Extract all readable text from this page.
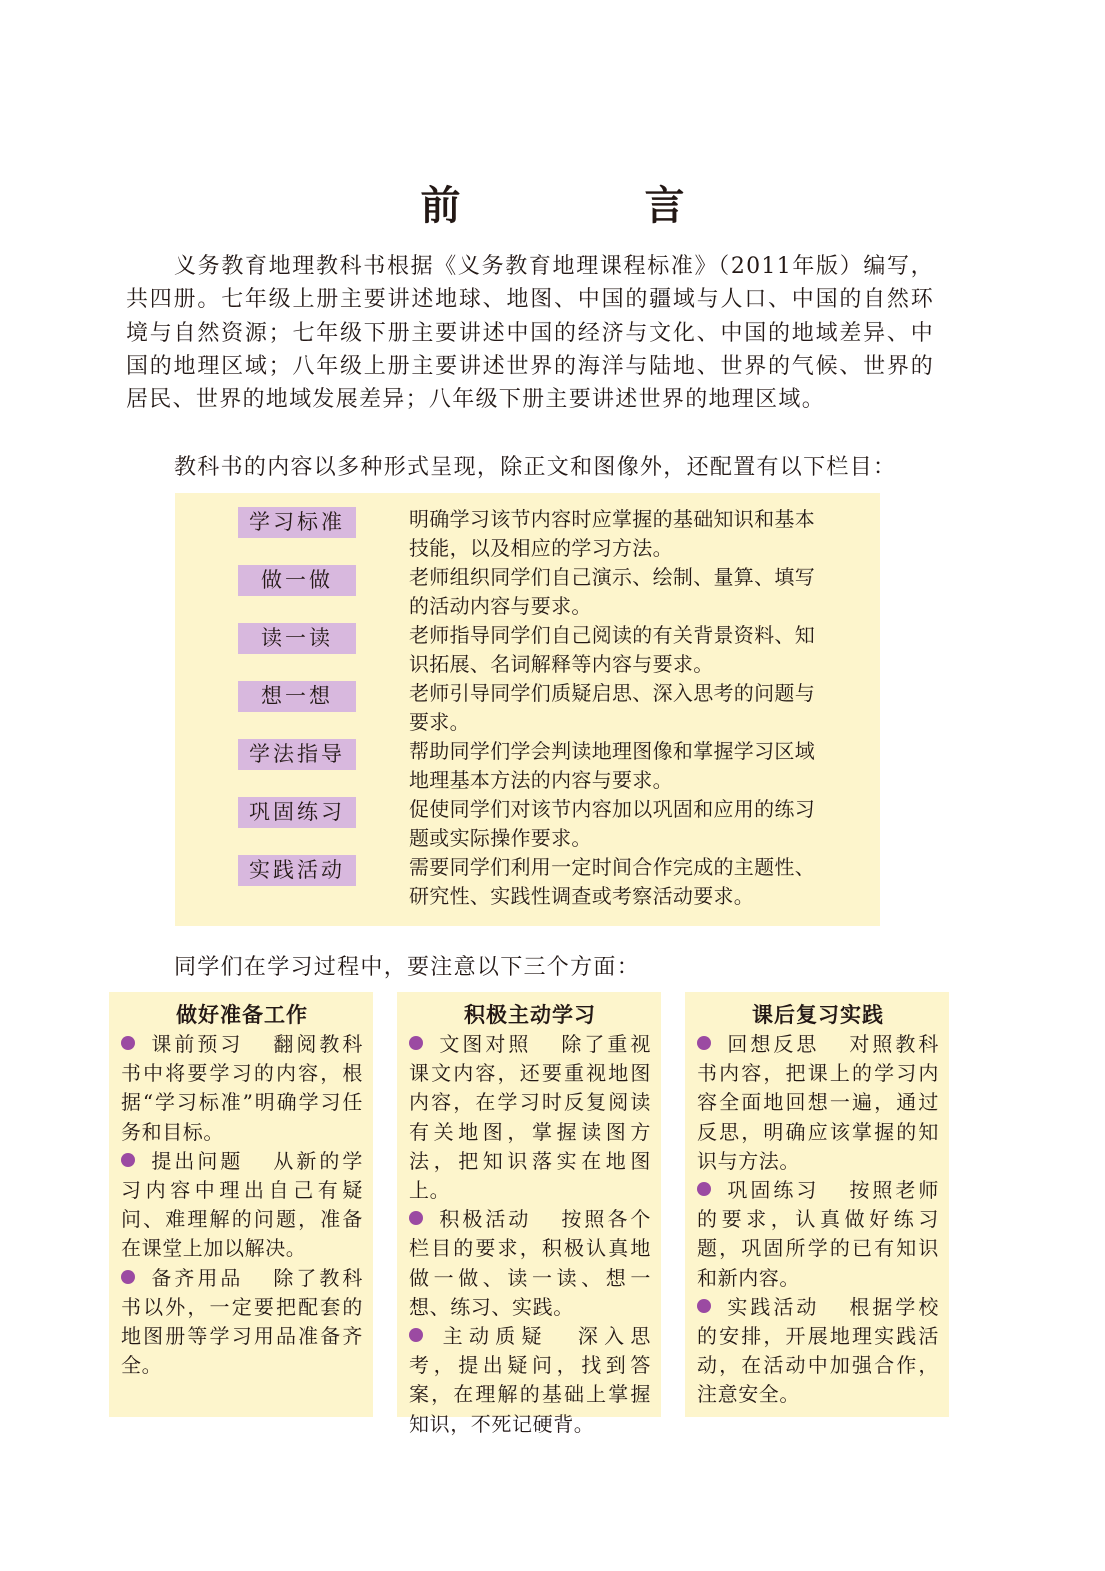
前　言

义务教育地理教科书根据《义务教育地理课程标准》（2011年版）编写，共四册。七年级上册主要讲述地球、地图、中国的疆域与人口、中国的自然环境与自然资源；七年级下册主要讲述中国的经济与文化、中国的地域差异、中国的地理区域；八年级上册主要讲述世界的海洋与陆地、世界的气候、世界的居民、世界的地域发展差异；八年级下册主要讲述世界的地理区域。

教科书的内容以多种形式呈现，除正文和图像外，还配置有以下栏目：

学习标准	明确学习该节内容时应掌握的基础知识和基本技能，以及相应的学习方法。
做一做	老师组织同学们自己演示、绘制、量算、填写的活动内容与要求。
读一读	老师指导同学们自己阅读的有关背景资料、知识拓展、名词解释等内容与要求。
想一想	老师引导同学们质疑启思、深入思考的问题与要求。
学法指导	帮助同学们学会判读地理图像和掌握学习区域地理基本方法的内容与要求。
巩固练习	促使同学们对该节内容加以巩固和应用的练习题或实际操作要求。
实践活动	需要同学们利用一定时间合作完成的主题性、研究性、实践性调查或考察活动要求。
同学们在学习过程中，要注意以下三个方面：
做好准备工作

课前预习 翻阅教科书中将要学习的内容，根据“学习标准”明确学习任务和目标。

提出问题 从新的学习内容中理出自己有疑问、难理解的问题，准备在课堂上加以解决。

备齐用品 除了教科书以外，一定要把配套的地图册等学习用品准备齐全。

积极主动学习

文图对照 除了重视课文内容，还要重视地图内容，在学习时反复阅读有关地图，掌握读图方法，把知识落实在地图上。

积极活动 按照各个栏目的要求，积极认真地做一做、读一读、想一想、练习、实践。

主动质疑 深入思考，提出疑问，找到答案，在理解的基础上掌握知识，不死记硬背。

课后复习实践

回想反思 对照教科书内容，把课上的学习内容全面地回想一遍，通过反思，明确应该掌握的知识与方法。

巩固练习 按照老师的要求，认真做好练习题，巩固所学的已有知识和新内容。

实践活动 根据学校的安排，开展地理实践活动，在活动中加强合作，注意安全。
